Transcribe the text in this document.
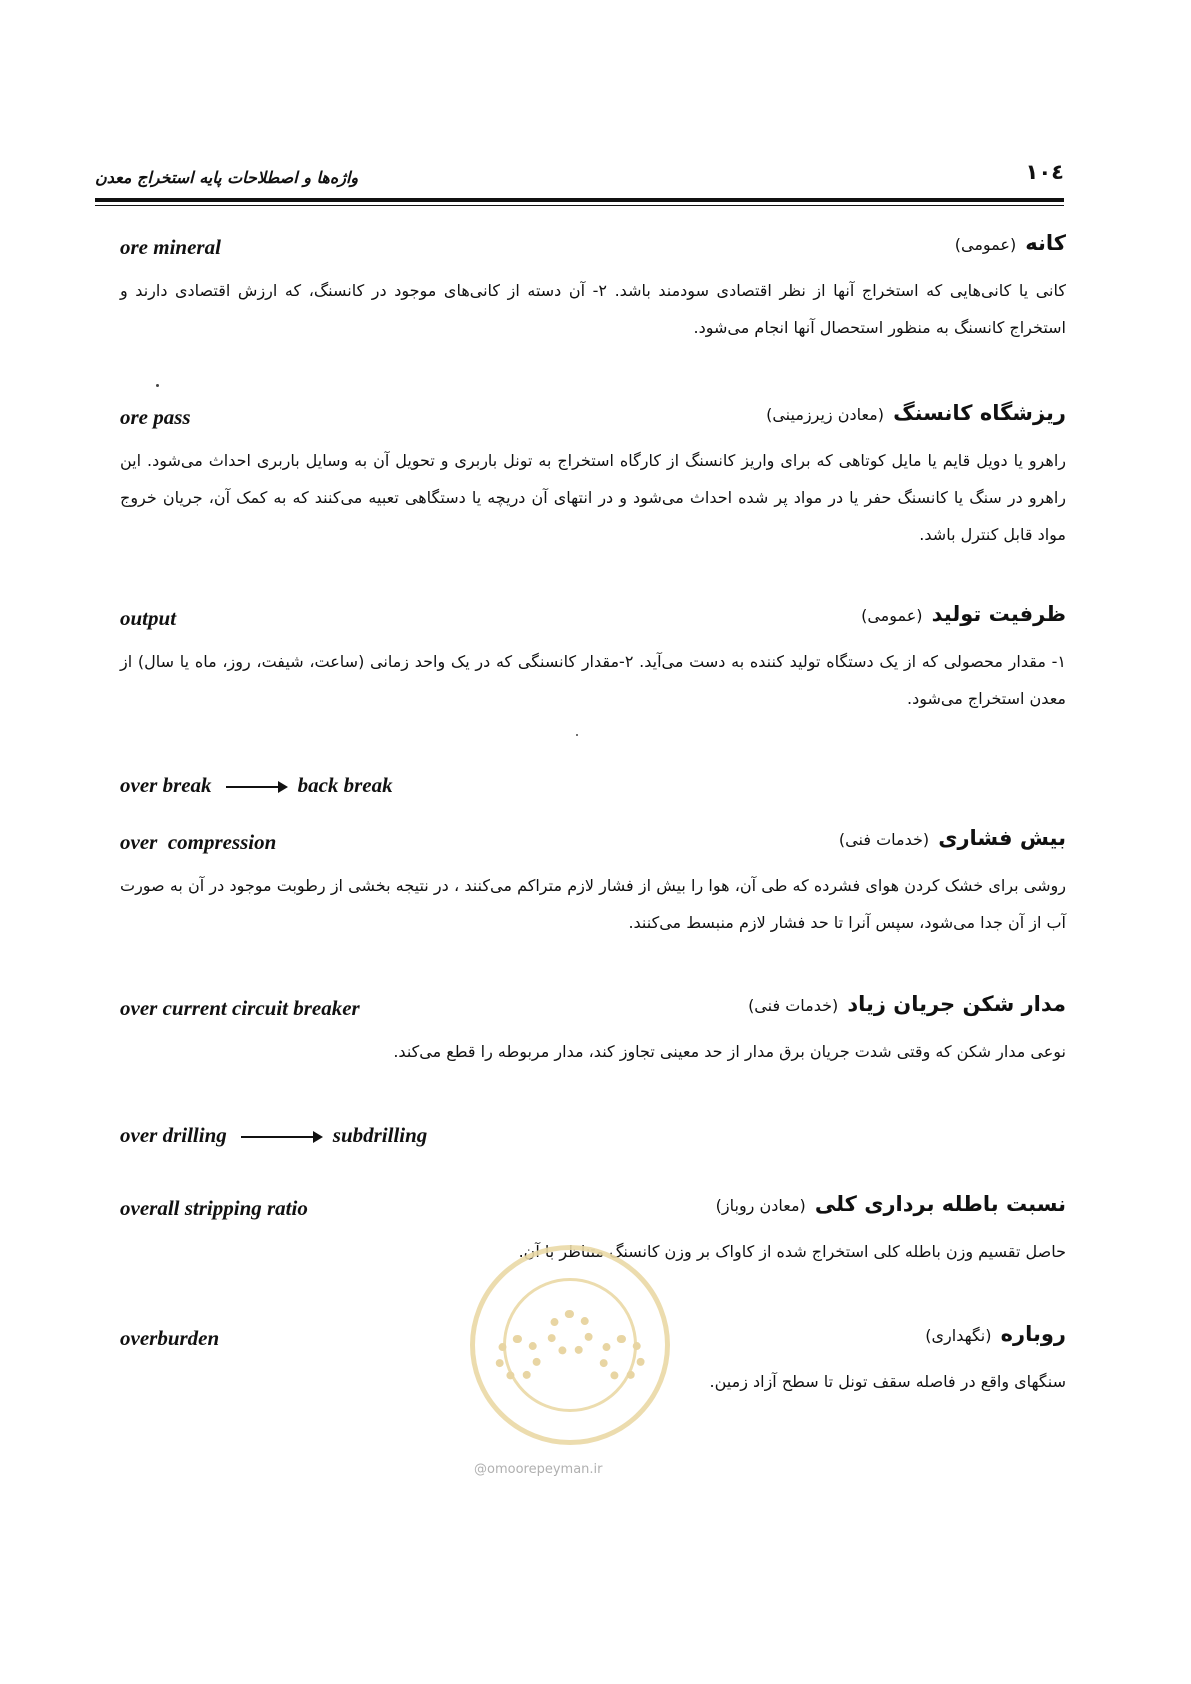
۱۰٤
واژه‌ها و اصطلاحات پایه استخراج معدن
ore mineral	کانه (عمومی)
کانی یا کانی‌هایی که استخراج آنها از نظر اقتصادی سودمند باشد. ۲- آن دسته از کانی‌های موجود در کانسنگ، که ارزش اقتصادی دارند و استخراج کانسنگ به منظور استحصال آنها انجام می‌شود.
ore pass	ریزشگاه کانسنگ (معادن زیرزمینی)
راهرو یا دویل قایم یا مایل کوتاهی که برای واریز کانسنگ از کارگاه استخراج به تونل باربری و تحویل آن به وسایل باربری احداث می‌شود. این راهرو در سنگ یا کانسنگ حفر یا در مواد پر شده احداث می‌شود و در انتهای آن دریچه یا دستگاهی تعبیه می‌کنند که به کمک آن، جریان خروج مواد قابل کنترل باشد.
output	ظرفیت تولید (عمومی)
۱- مقدار محصولی که از یک دستگاه تولید کننده به دست می‌آید. ۲-مقدار کانسنگی که در یک واحد زمانی (ساعت، شیفت، روز، ماه یا سال) از معدن استخراج می‌شود.
over break	back break
over  compression	بیش فشاری (خدمات فنی)
روشی برای خشک کردن هوای فشرده که طی آن، هوا را بیش از فشار لازم متراکم می‌کنند ، در نتیجه بخشی از رطوبت موجود در آن به صورت آب از آن جدا می‌شود، سپس آنرا تا حد فشار لازم منبسط می‌کنند.
over current circuit breaker	مدار شکن جریان زیاد (خدمات فنی)
نوعی مدار شکن که وقتی شدت جریان برق مدار از حد معینی تجاوز کند، مدار مربوطه را قطع می‌کند.
over drilling	subdrilling
overall stripping ratio	نسبت باطله برداری کلی (معادن روباز)
حاصل تقسیم وزن باطله کلی استخراج شده از کاواک بر وزن کانسنگ متناظر با آن.
overburden	روباره (نگهداری)
سنگهای واقع در فاصله سقف تونل تا سطح آزاد زمین.
@omoorepeyman.ir
